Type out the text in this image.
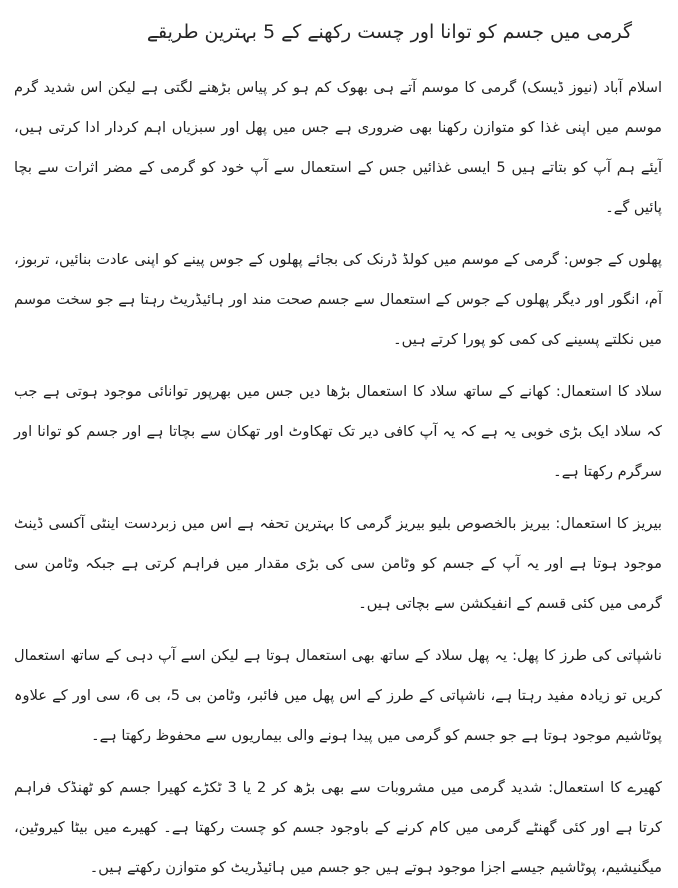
گرمی میں جسم کو توانا اور چست رکھنے کے 5 بہترین طریقے

اسلام آباد (نیوز ڈیسک) گرمی کا موسم آتے ہی بھوک کم ہو کر پیاس بڑھنے لگتی ہے لیکن اس شدید گرم موسم میں اپنی غذا کو متوازن رکھنا بھی ضروری ہے جس میں پھل اور سبزیاں اہم کردار ادا کرتی ہیں، آیئے ہم آپ کو بتاتے ہیں 5 ایسی غذائیں جس کے استعمال سے آپ خود کو گرمی کے مضر اثرات سے بچا پائیں گے۔

پھلوں کے جوس: گرمی کے موسم میں کولڈ ڈرنک کی بجائے پھلوں کے جوس پینے کو اپنی عادت بنائیں، تربوز، آم، انگور اور دیگر پھلوں کے جوس کے استعمال سے جسم صحت مند اور ہائیڈریٹ رہتا ہے جو سخت موسم میں نکلتے پسینے کی کمی کو پورا کرتے ہیں۔

سلاد کا استعمال: کھانے کے ساتھ سلاد کا استعمال بڑھا دیں جس میں بھرپور توانائی موجود ہوتی ہے جب کہ سلاد ایک بڑی خوبی یہ ہے کہ یہ آپ کافی دیر تک تھکاوٹ اور تھکان سے بچاتا ہے اور جسم کو توانا اور سرگرم رکھتا ہے۔

بیریز کا استعمال: بیریز بالخصوص بلیو بیریز گرمی کا بہترین تحفہ ہے اس میں زبردست اینٹی آکسی ڈینٹ موجود ہوتا ہے اور یہ آپ کے جسم کو وٹامن سی کی بڑی مقدار میں فراہم کرتی ہے جبکہ وٹامن سی گرمی میں کئی قسم کے انفیکشن سے بچاتی ہیں۔

ناشپاتی کی طرز کا پھل: یہ پھل سلاد کے ساتھ بھی استعمال ہوتا ہے لیکن اسے آپ دہی کے ساتھ استعمال کریں تو زیادہ مفید رہتا ہے، ناشپاتی کے طرز کے اس پھل میں فائبر، وٹامن بی 5، بی 6، سی اور کے علاوہ پوٹاشیم موجود ہوتا ہے جو جسم کو گرمی میں پیدا ہونے والی بیماریوں سے محفوظ رکھتا ہے۔

کھیرے کا استعمال: شدید گرمی میں مشروبات سے بھی بڑھ کر 2 یا 3 ٹکڑے کھیرا جسم کو ٹھنڈک فراہم کرتا ہے اور کئی گھنٹے گرمی میں کام کرنے کے باوجود جسم کو چست رکھتا ہے۔ کھیرے میں بیٹا کیروٹین، میگنیشیم، پوٹاشیم جیسے اجزا موجود ہوتے ہیں جو جسم میں ہائیڈریٹ کو متوازن رکھتے ہیں۔
